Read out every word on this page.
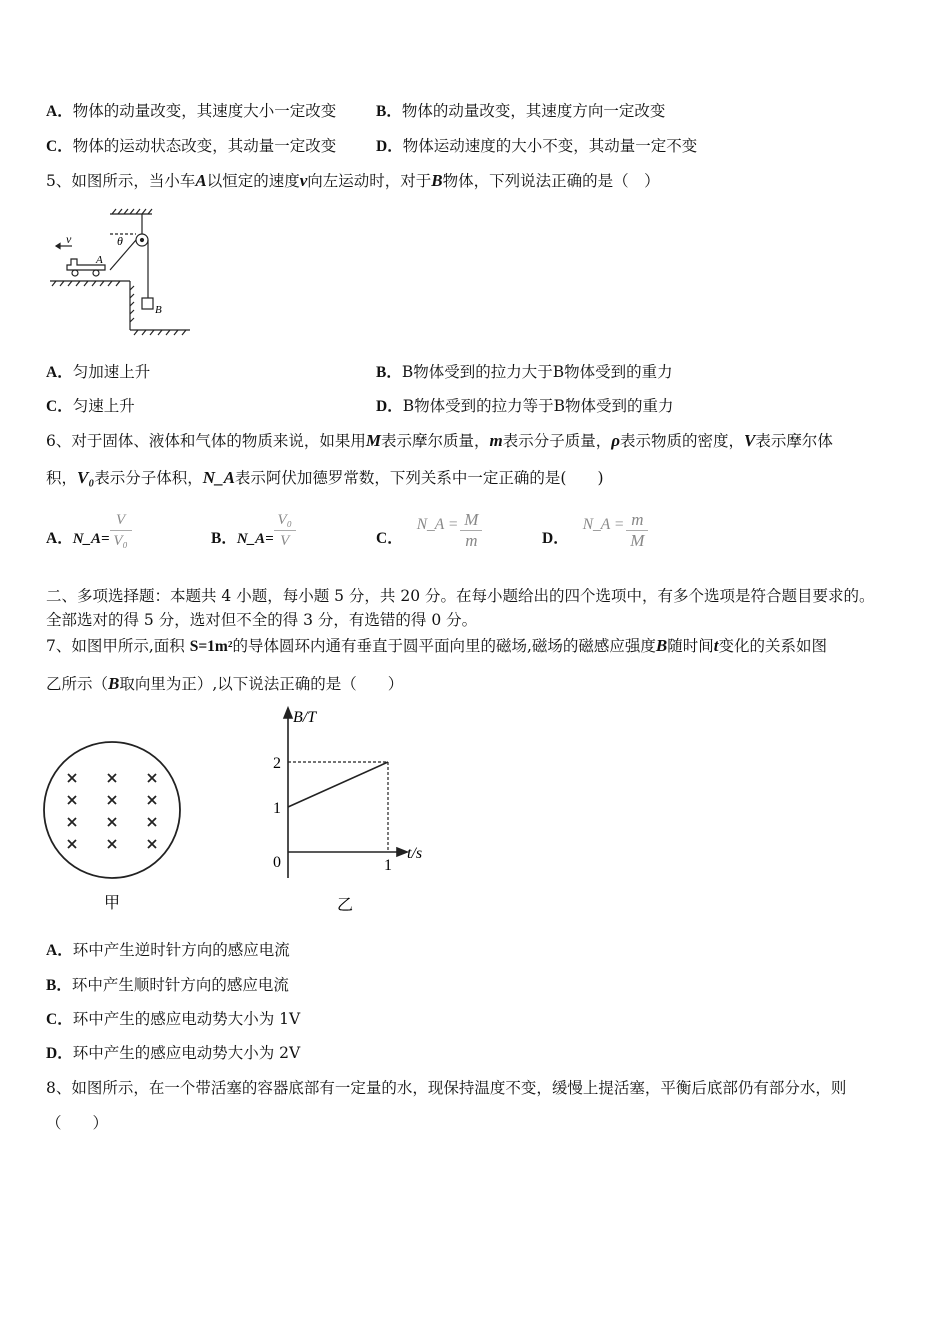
A．物体的动量改变，其速度大小一定改变	B．物体的动量改变，其速度方向一定改变
C．物体的运动状态改变，其动量一定改变	D．物体运动速度的大小不变，其动量一定不变
5、如图所示，当小车A以恒定的速度v向左运动时，对于B物体，下列说法正确的是（　）
v	θ
A
B
A．匀加速上升	B．B物体受到的拉力大于B物体受到的重力
C．匀速上升	D．B物体受到的拉力等于B物体受到的重力
6、对于固体、液体和气体的物质来说，如果用M表示摩尔质量，m表示分子质量，ρ表示物质的密度，V表示摩尔体
积，V₀表示分子体积，N_A表示阿伏加德罗常数，下列关系中一定正确的是(　　)
A． N_A= $\frac{V}{\text{V₀}}$	B． N_A= $\frac{\text{V₀}}{V}$	C．
N_A = $\frac{M}{m}$	D．
N_A = $\frac{m}{M}$
二、多项选择题：本题共 4 小题，每小题 5 分，共 20 分。在每小题给出的四个选项中，有多个选项是符合题目要求的。
全部选对的得 5 分，选对但不全的得 3 分，有选错的得 0 分。
7、如图甲所示,面积 S=1m²的导体圆环内通有垂直于圆平面向里的磁场,磁场的磁感应强度B随时间t变化的关系如图
乙所示（B取向里为正）,以下说法正确的是（　　）
甲
B/T
t/s
0
1
2
1
乙
A．环中产生逆时针方向的感应电流
B．环中产生顺时针方向的感应电流
C．环中产生的感应电动势大小为 1V
D．环中产生的感应电动势大小为 2V
8、如图所示，在一个带活塞的容器底部有一定量的水，现保持温度不变，缓慢上提活塞，平衡后底部仍有部分水，则
（　　）
